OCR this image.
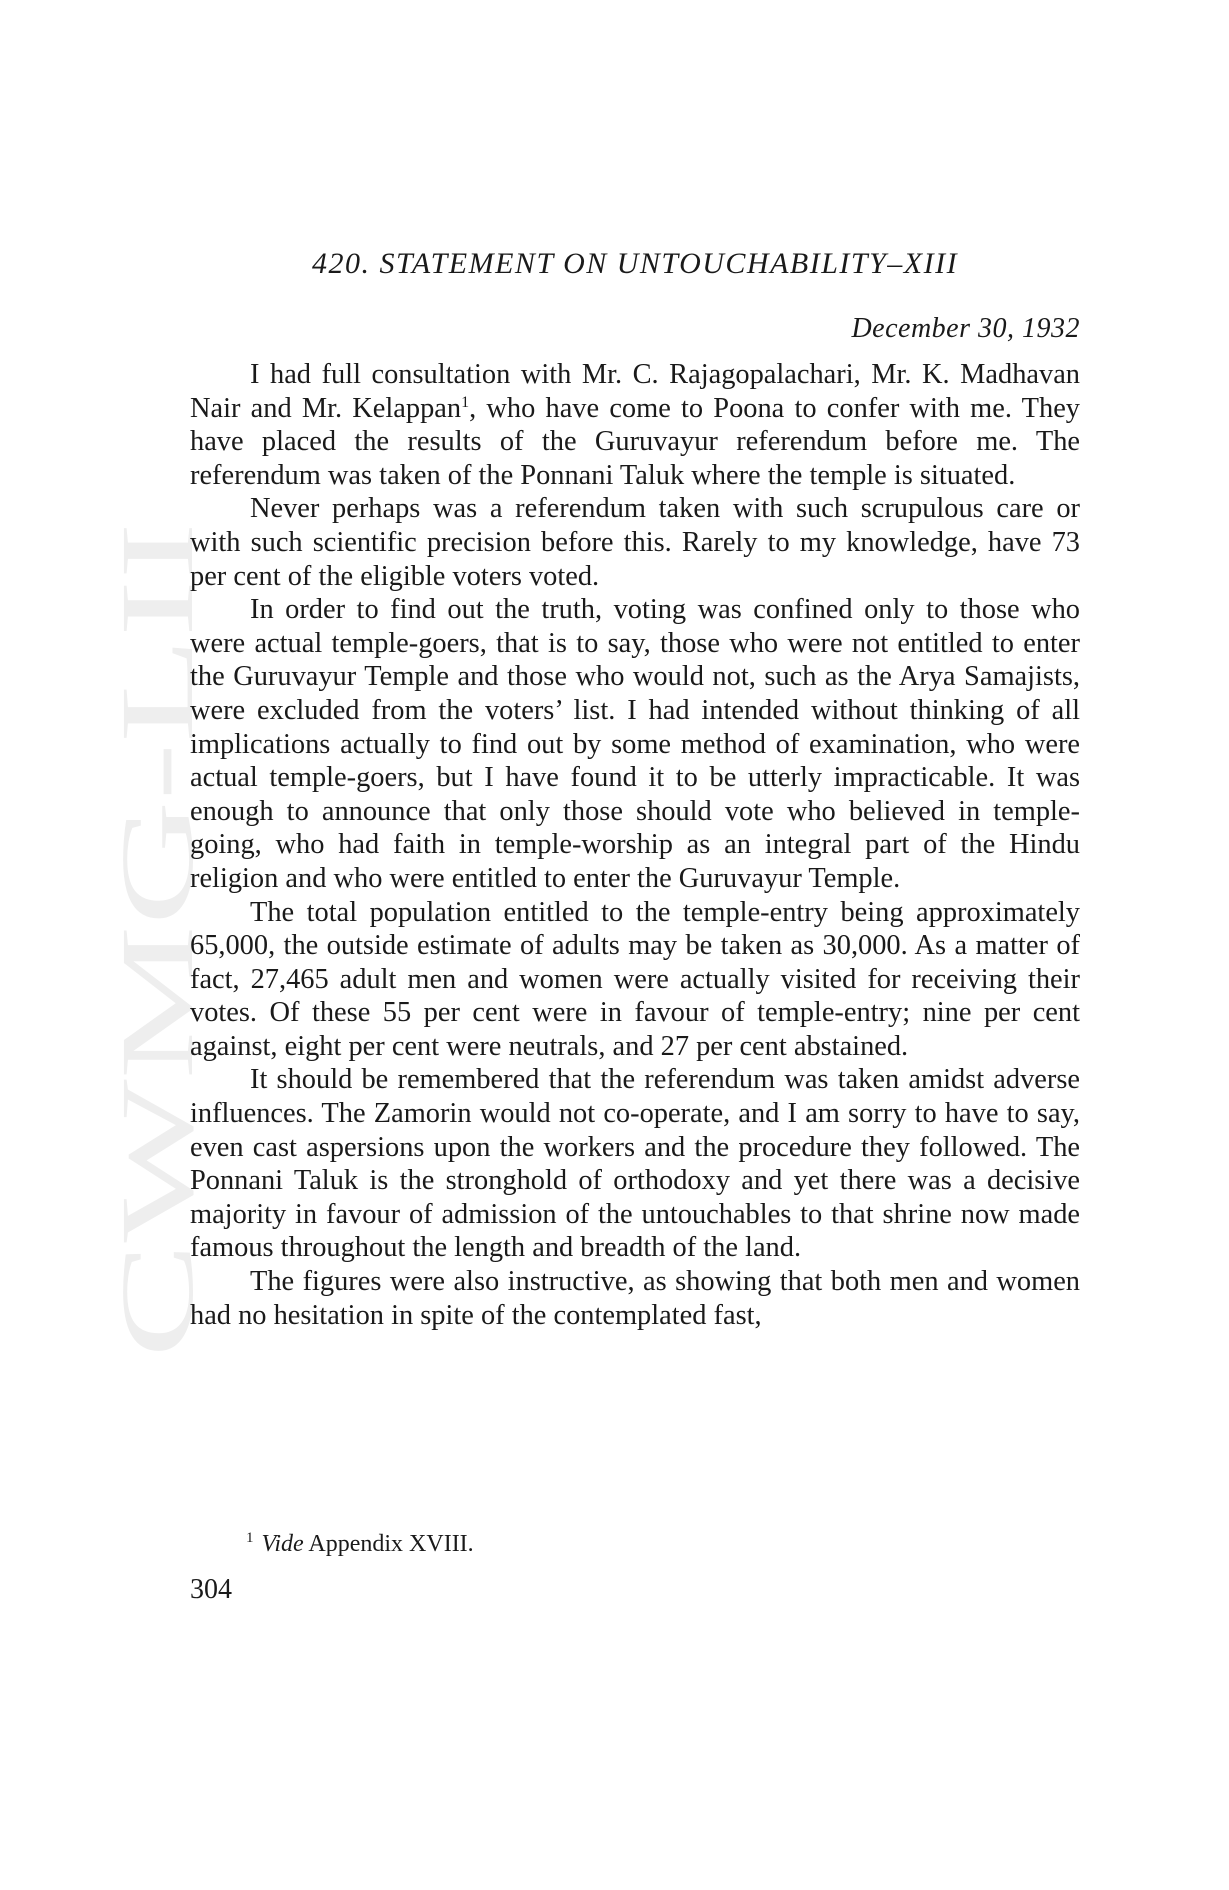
CWMG-LII
420. STATEMENT ON UNTOUCHABILITY–XIII
December 30, 1932

I had full consultation with Mr. C. Rajagopalachari, Mr. K. Madhavan Nair and Mr. Kelappan$^1$, who have come to Poona to confer with me. They have placed the results of the Guruvayur referendum before me. The referendum was taken of the Ponnani Taluk where the temple is situated.

Never perhaps was a referendum taken with such scrupulous care or with such scientific precision before this. Rarely to my knowledge, have 73 per cent of the eligible voters voted.

In order to find out the truth, voting was confined only to those who were actual temple-goers, that is to say, those who were not entitled to enter the Guruvayur Temple and those who would not, such as the Arya Samajists, were excluded from the voters’ list. I had intended without thinking of all implications actually to find out by some method of examination, who were actual temple-goers, but I have found it to be utterly impracticable. It was enough to announce that only those should vote who believed in temple-going, who had faith in temple-worship as an integral part of the Hindu religion and who were entitled to enter the Guruvayur Temple.

The total population entitled to the temple-entry being approximately 65,000, the outside estimate of adults may be taken as 30,000. As a matter of fact, 27,465 adult men and women were actually visited for receiving their votes. Of these 55 per cent were in favour of temple-entry; nine per cent against, eight per cent were neutrals, and 27 per cent abstained.

It should be remembered that the referendum was taken amidst adverse influences. The Zamorin would not co-operate, and I am sorry to have to say, even cast aspersions upon the workers and the procedure they followed. The Ponnani Taluk is the stronghold of orthodoxy and yet there was a decisive majority in favour of admission of the untouchables to that shrine now made famous throughout the length and breadth of the land.

The figures were also instructive, as showing that both men and women had no hesitation in spite of the contemplated fast,

$^1$ Vide Appendix XVIII.
304
